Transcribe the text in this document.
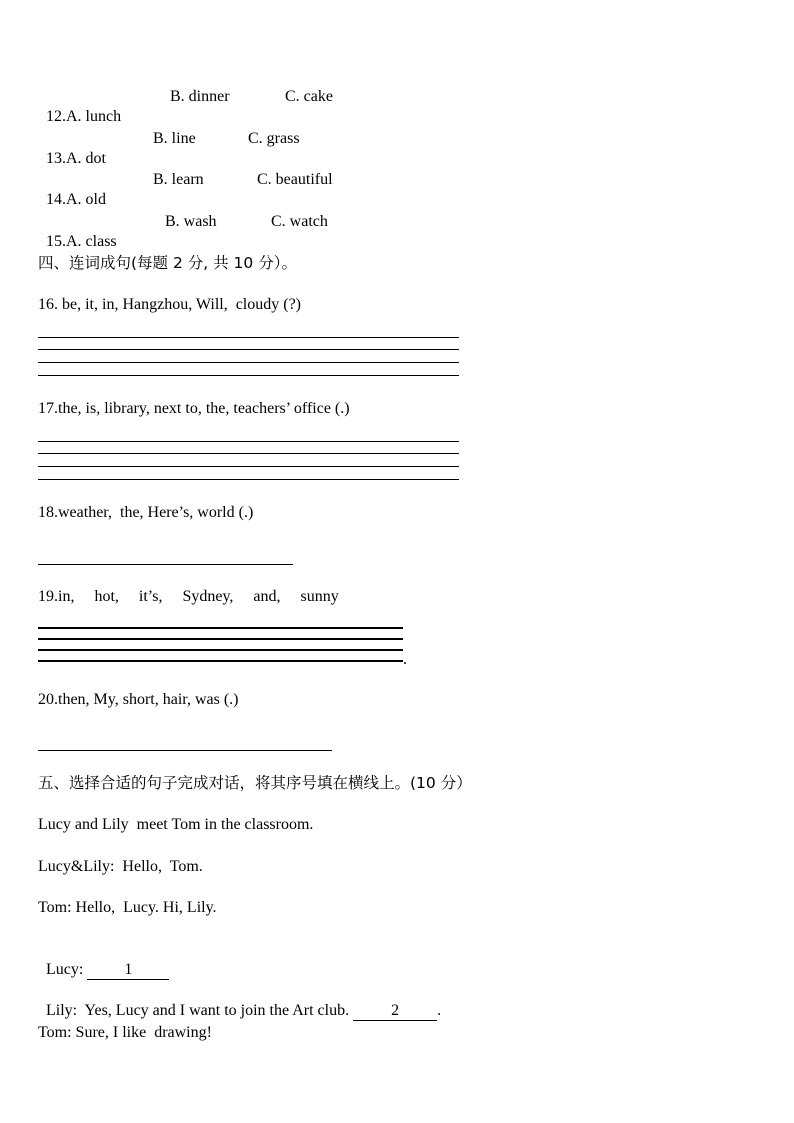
12.A. lunch

B. dinner	C. cake

13.A. dot

B. line	C. grass

14.A. old

B. learn	C. beautiful

15.A. class

B. wash	C. watch
四、连词成句(每题 2 分, 共 10 分）。
16. be, it, in, Hangzhou, Will,  cloudy (?)
17.the, is, library, next to, the, teachers’ office (.)
18.weather,  the, Here’s, world (.)
19.in,     hot,     it’s,     Sydney,     and,     sunny
.
20.then, My, short, hair, was (.)
五、选择合适的句子完成对话，将其序号填在横线上。(10 分）
Lucy and Lily  meet Tom in the classroom.
Lucy&Lily:  Hello,  Tom.
Tom: Hello,  Lucy. Hi, Lily.

Lucy: 1

Lily:  Yes, Lucy and I want to join the Art club. 2 .

Tom: Sure, I like  drawing!
